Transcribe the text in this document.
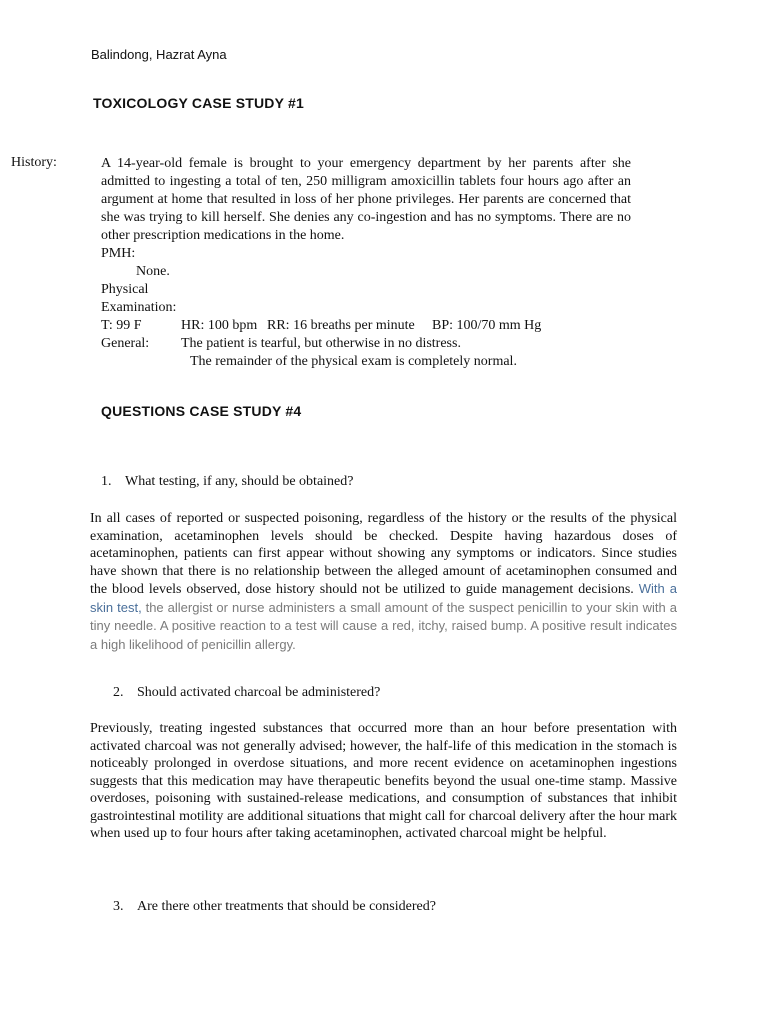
Balindong, Hazrat Ayna
TOXICOLOGY CASE STUDY #1
History:	A 14-year-old female is brought to your emergency department by her parents after she admitted to ingesting a total of ten, 250 milligram amoxicillin tablets four hours ago after an argument at home that resulted in loss of her phone privileges. Her parents are concerned that she was trying to kill herself. She denies any co-ingestion and has no symptoms. There are no other prescription medications in the home.

PMH:
None.
Physical
Examination:
T: 99 F	HR: 100 bpm RR: 16 breaths per minute BP: 100/70 mm Hg
General: The patient is tearful, but otherwise in no distress.
The remainder of the physical exam is completely normal.
QUESTIONS CASE STUDY #4
1. What testing, if any, should be obtained?

In all cases of reported or suspected poisoning, regardless of the history or the results of the physical examination, acetaminophen levels should be checked. Despite having hazardous doses of acetaminophen, patients can first appear without showing any symptoms or indicators. Since studies have shown that there is no relationship between the alleged amount of acetaminophen consumed and the blood levels observed, dose history should not be utilized to guide management decisions. With a skin test, the allergist or nurse administers a small amount of the suspect penicillin to your skin with a tiny needle. A positive reaction to a test will cause a red, itchy, raised bump. A positive result indicates a high likelihood of penicillin allergy.

2. Should activated charcoal be administered?

Previously, treating ingested substances that occurred more than an hour before presentation with activated charcoal was not generally advised; however, the half-life of this medication in the stomach is noticeably prolonged in overdose situations, and more recent evidence on acetaminophen ingestions suggests that this medication may have therapeutic benefits beyond the usual one-time stamp. Massive overdoses, poisoning with sustained-release medications, and consumption of substances that inhibit gastrointestinal motility are additional situations that might call for charcoal delivery after the hour mark when used up to four hours after taking acetaminophen, activated charcoal might be helpful.

3. Are there other treatments that should be considered?
